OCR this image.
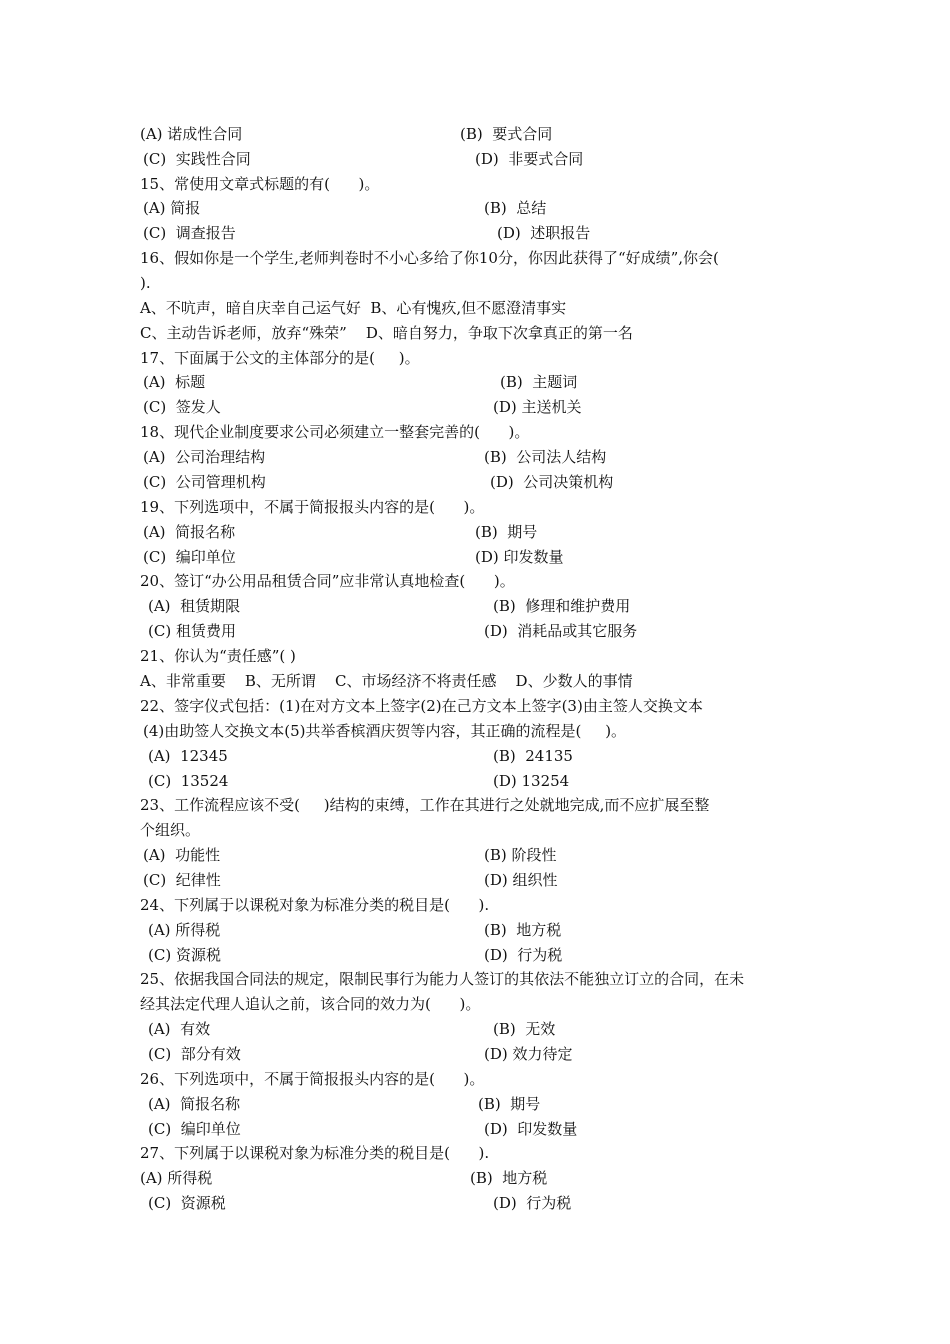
(A) 诺成性合同	(B)  要式合同
(C)  实践性合同	(D)  非要式合同
15、常使用文章式标题的有(      )。
(A) 简报	(B)  总结
(C)  调查报告	(D)  述职报告
16、假如你是一个学生,老师判卷时不小心多给了你10分，你因此获得了“好成绩”,你会(
).
A、不吭声，暗自庆幸自己运气好  B、心有愧疚,但不愿澄清事实
C、主动告诉老师，放弃“殊荣”    D、暗自努力，争取下次拿真正的第一名
17、下面属于公文的主体部分的是(     )。
(A)  标题	(B)  主题词
(C)  签发人	(D) 主送机关
18、现代企业制度要求公司必须建立一整套完善的(      )。
(A)  公司治理结构	(B)  公司法人结构
(C)  公司管理机构	(D)  公司决策机构
19、下列选项中，不属于简报报头内容的是(      )。
(A)  简报名称	(B)  期号
(C)  编印单位	(D) 印发数量
20、签订“办公用品租赁合同”应非常认真地检查(      )。
(A)  租赁期限	(B)  修理和维护费用
(C) 租赁费用	(D)  消耗品或其它服务
21、你认为“责任感”( )
A、非常重要    B、无所谓    C、市场经济不将责任感    D、少数人的事情
22、签字仪式包括：(1)在对方文本上签字(2)在己方文本上签字(3)由主签人交换文本
(4)由助签人交换文本(5)共举香槟酒庆贺等内容，其正确的流程是(     )。
(A)  12345	(B)  24135
(C)  13524	(D) 13254
23、工作流程应该不受(     )结构的束缚，工作在其进行之处就地完成,而不应扩展至整
个组织。
(A)  功能性	(B) 阶段性
(C)  纪律性	(D) 组织性
24、下列属于以课税对象为标准分类的税目是(      ).
(A) 所得税	(B)  地方税
(C) 资源税	(D)  行为税
25、依据我国合同法的规定，限制民事行为能力人签订的其依法不能独立订立的合同，在未
经其法定代理人追认之前，该合同的效力为(      )。
(A)  有效	(B)  无效
(C)  部分有效	(D) 效力待定
26、下列选项中，不属于简报报头内容的是(      )。
(A)  简报名称	(B)  期号
(C)  编印单位	(D)  印发数量
27、下列属于以课税对象为标准分类的税目是(      ).
(A) 所得税	(B)  地方税
(C)  资源税	(D)  行为税
